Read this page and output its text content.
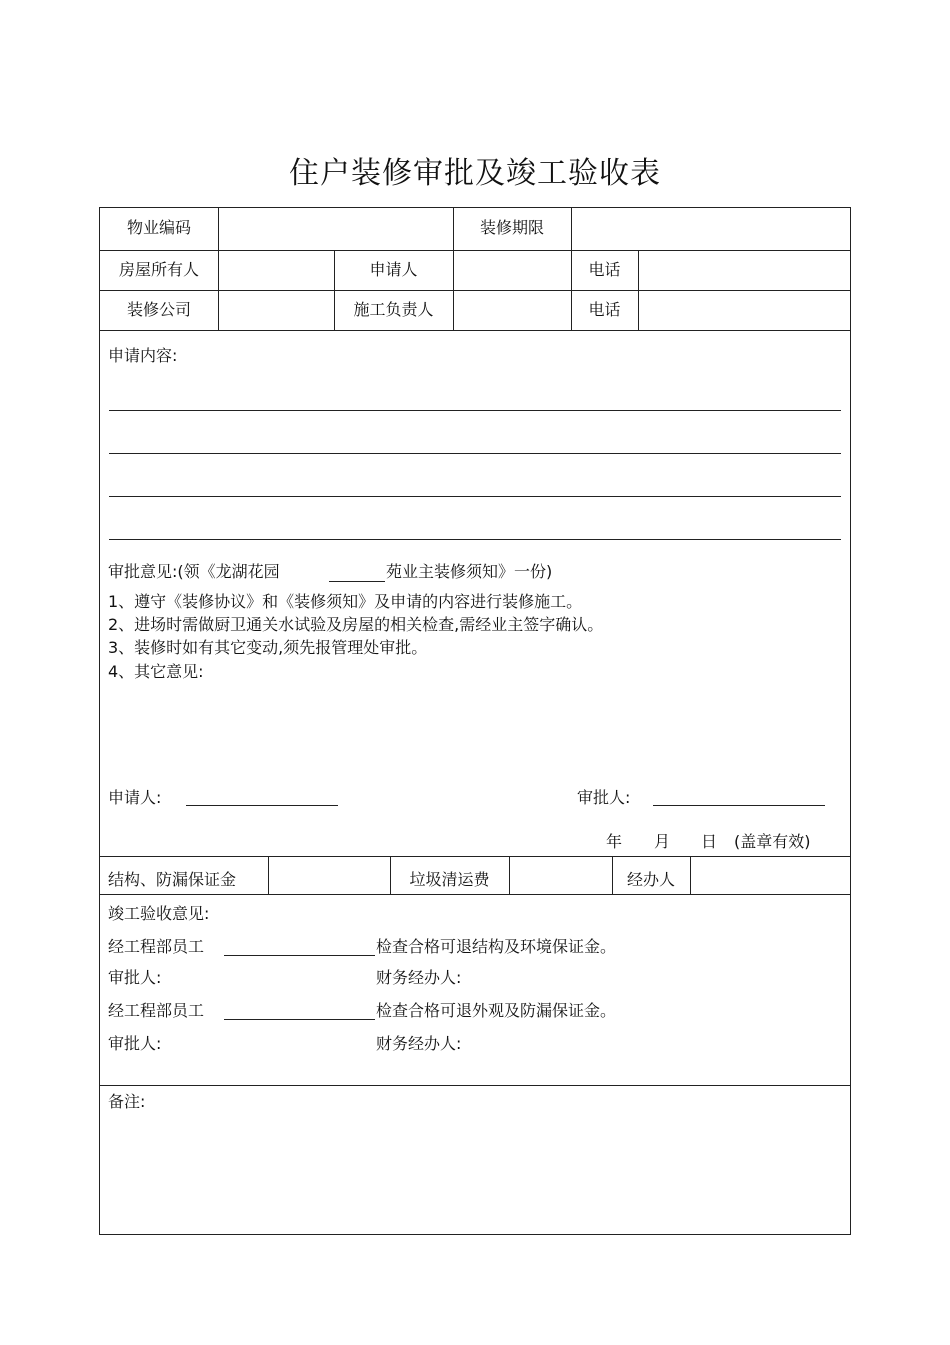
住户装修审批及竣工验收表
物业编码	装修期限
房屋所有人	申请人	电话
装修公司	施工负责人	电话
申请内容:
审批意见:(领《龙湖花园	苑业主装修须知》一份)
1、遵守《装修协议》和《装修须知》及申请的内容进行装修施工。
2、进场时需做厨卫通关水试验及房屋的相关检查,需经业主签字确认。
3、装修时如有其它变动,须先报管理处审批。
4、其它意见:
申请人:	审批人:
年 月 日 (盖章有效)
结构、防漏保证金	垃圾清运费	经办人
竣工验收意见:
经工程部员工	检查合格可退结构及环境保证金。
审批人:	财务经办人:
经工程部员工	检查合格可退外观及防漏保证金。
审批人:	财务经办人:
备注:
